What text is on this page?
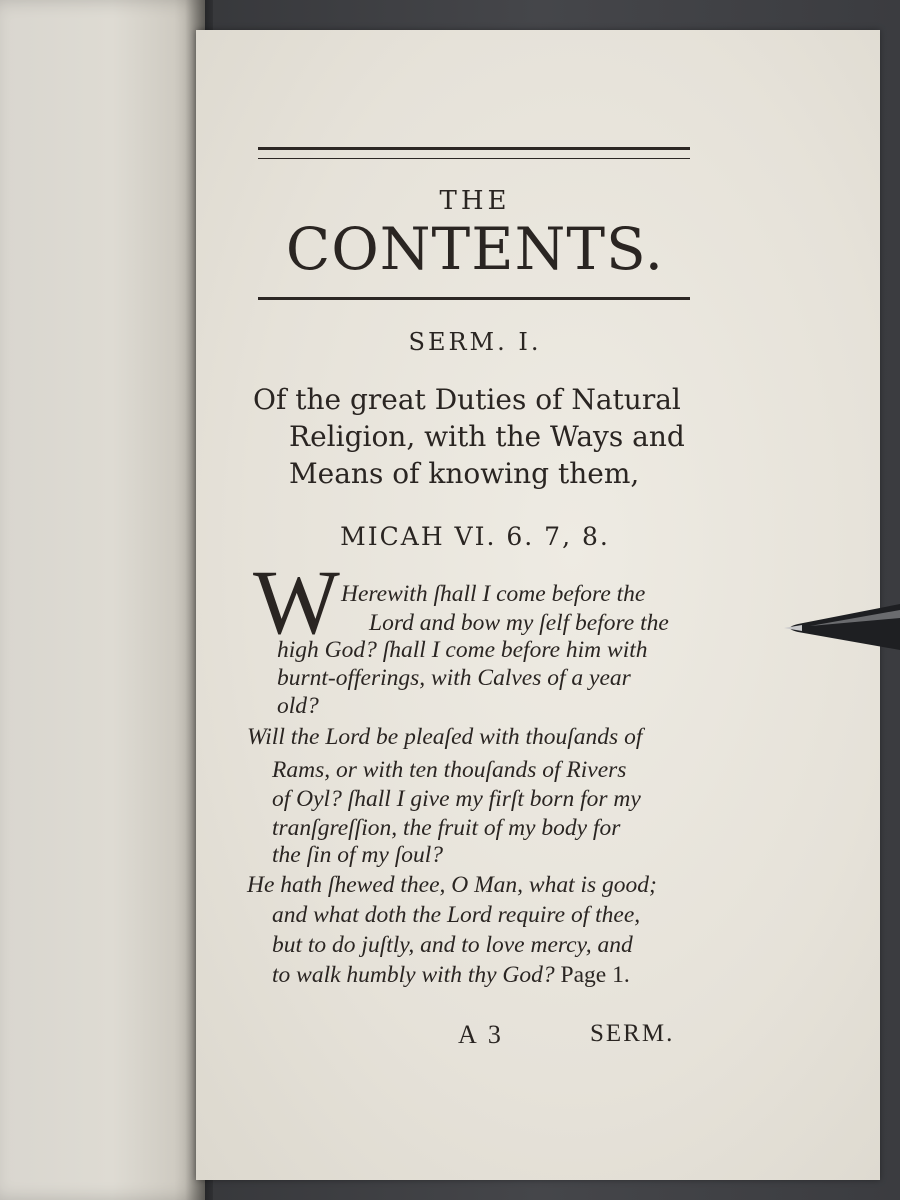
THE
CONTENTS.
SERM. I.
Of the great Duties of Natural
Religion, with the Ways and
Means of knowing them,
MICAH VI. 6. 7, 8.
W Herewith ſhall I come before the
Lord and bow my ſelf before the
high God? ſhall I come before him with
burnt-offerings, with Calves of a year
old?
Will the Lord be pleaſed with thouſands of
Rams, or with ten thouſands of Rivers
of Oyl? ſhall I give my firſt born for my
tranſgreſſion, the fruit of my body for
the ſin of my ſoul?
He hath ſhewed thee, O Man, what is good;
and what doth the Lord require of thee,
but to do juſtly, and to love mercy, and
to walk humbly with thy God? Page 1.
A 3	SERM.
